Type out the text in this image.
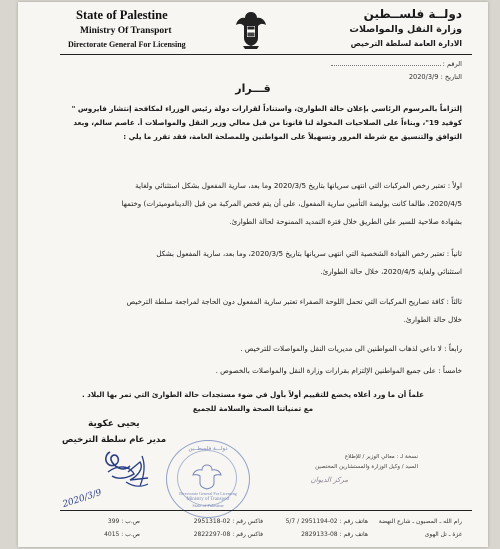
State of Palestine
Ministry Of Transport
Directorate General For Licensing
دولــة فلســطين
وزارة النقل والمواصلات
الادارة العامة لسلطة الترخيص
الرقم :
التاريخ : 2020/3/9
قـــرار
إلتزاماً بالمرسوم الرئاسي بإعلان حالة الطوارئ، واستناداً لقرارات دولة رئيس الوزراء لمكافحة إنتشار فايروس "
كوفيد 19"، وبناءاً على الصلاحيات المخولة لنا قانونا من قبل معالي وزير النقل والمواصلات أ. عاصم سالم، وبعد
التوافق والتنسيق مع شرطة المرور وتسهيلاً على المواطنين وللمصلحة العامة، فقد تقرر ما يلي :
اولاً : تعتبر رخص المركبات التي انتهى سريانها بتاريخ 2020/3/5 وما بعد، سارية المفعول بشكل استثنائي ولغاية
2020/4/5، طالما كانت بوليصة التأمين سارية المفعول، على أن يتم فحص المركبة من قبل (الديناموميترات) وختمها
بشهادة صلاحية للسير على الطريق خلال فترة التمديد الممنوحة لحالة الطوارئ.
ثانياً : تعتبر رخص القيادة الشخصية التي انتهى سريانها بتاريخ 2020/3/5، وما بعد، سارية المفعول بشكل
استثنائي ولغاية 2020/4/5، خلال حالة الطوارئ.
ثالثاً : كافة تصاريح المركبات التي تحمل اللوحة الصفراء تعتبر سارية المفعول دون الحاجة لمراجعة سلطة الترخيص
خلال حالة الطوارئ.
رابعاً : لا داعي لذهاب المواطنين الى مديريات النقل والمواصلات للترخيص .
خامساً : على جميع المواطنين الإلتزام بقرارات وزارة النقل والمواصلات بالخصوص .
علماً أن ما ورد أعلاه يخضع للتقييم أولاً بأول في ضوء مستجدات حالة الطوارئ التي تمر بها البلاد .
مع تمنياتنا الصحة والسلامة للجميع
يحيى عكوية
مدير عام سلطة الترخيص
2020/3/9
دولـــة فلسطــين
Directorate General For Licensing
Ministry of Transport
State of Palestine
نسخة لـ : معالي الوزير / للإطلاع
السيد / وكيل الوزارة والمستشارين المختصين
مركز الديوان
رام الله ـ المصيون ـ شارع النهضة
غزة ـ تل الهوى
هاتف رقم : 02-2951194 / 5/7
هاتف رقم : 08-2829133
فاكس رقم : 02-2951318
فاكس رقم : 08-2822297
ص.ب : 399
ص.ب : 4015
